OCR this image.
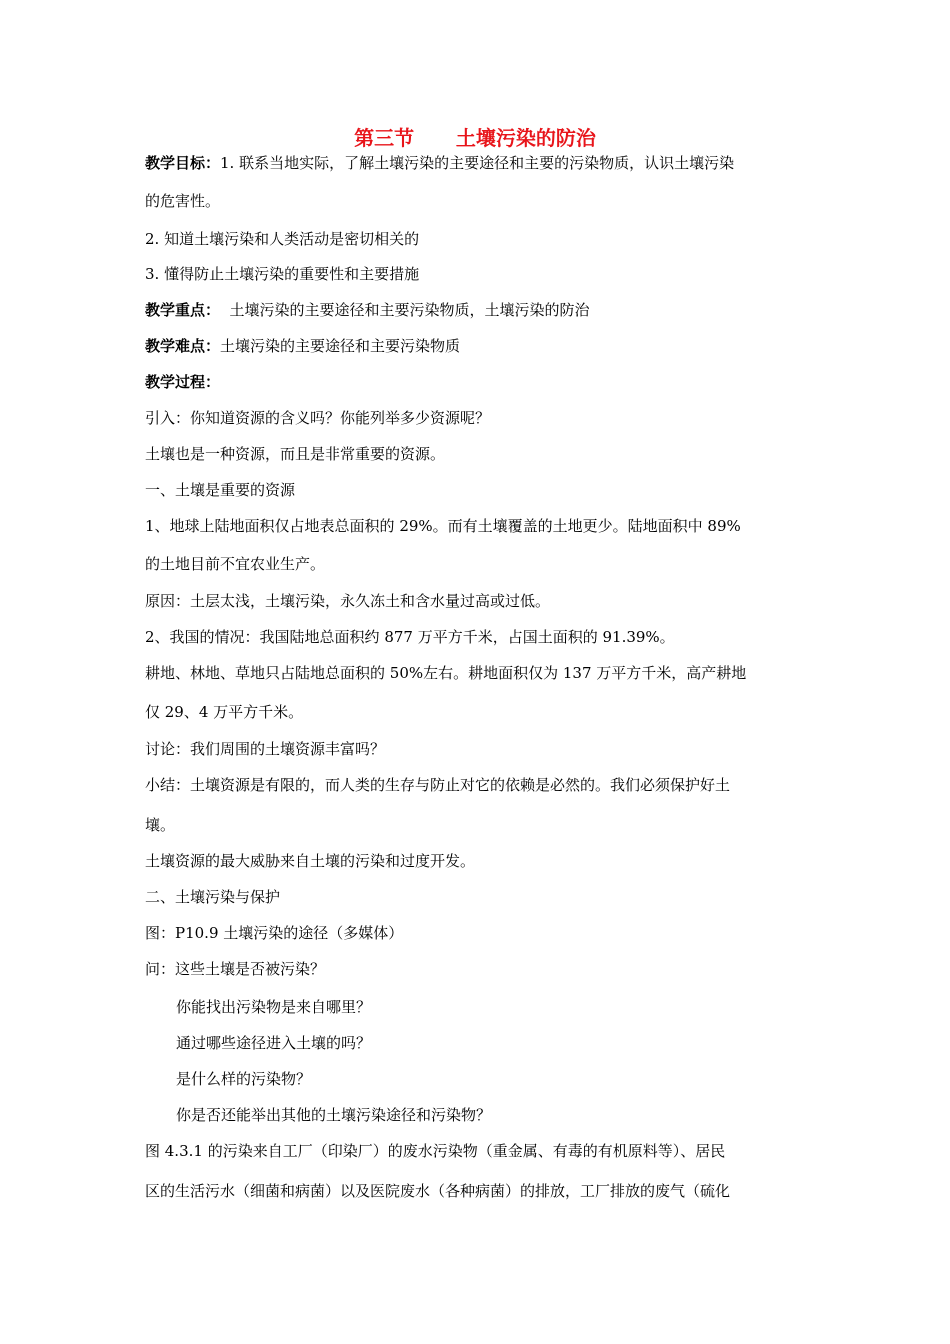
第三节      土壤污染的防治
教学目标：1. 联系当地实际，了解土壤污染的主要途径和主要的污染物质，认识土壤污染
的危害性。
2. 知道土壤污染和人类活动是密切相关的
3. 懂得防止土壤污染的重要性和主要措施
教学重点：  土壤污染的主要途径和主要污染物质，土壤污染的防治
教学难点：土壤污染的主要途径和主要污染物质
教学过程：
引入：你知道资源的含义吗？你能列举多少资源呢？
土壤也是一种资源，而且是非常重要的资源。
一、土壤是重要的资源
1、地球上陆地面积仅占地表总面积的 29%。而有土壤覆盖的土地更少。陆地面积中 89%
的土地目前不宜农业生产。
原因：土层太浅，土壤污染，永久冻土和含水量过高或过低。
2、我国的情况：我国陆地总面积约 877 万平方千米，占国土面积的 91.39%。
耕地、林地、草地只占陆地总面积的 50%左右。耕地面积仅为 137 万平方千米，高产耕地
仅 29、4 万平方千米。
讨论：我们周围的土壤资源丰富吗？
小结：土壤资源是有限的，而人类的生存与防止对它的依赖是必然的。我们必须保护好土
壤。
土壤资源的最大威胁来自土壤的污染和过度开发。
二、土壤污染与保护
图：P10.9 土壤污染的途径（多媒体）
问：这些土壤是否被污染？
你能找出污染物是来自哪里？
通过哪些途径进入土壤的吗？
是什么样的污染物？
你是否还能举出其他的土壤污染途径和污染物？
图 4.3.1 的污染来自工厂（印染厂）的废水污染物（重金属、有毒的有机原料等）、居民
区的生活污水（细菌和病菌）以及医院废水（各种病菌）的排放，工厂排放的废气（硫化
